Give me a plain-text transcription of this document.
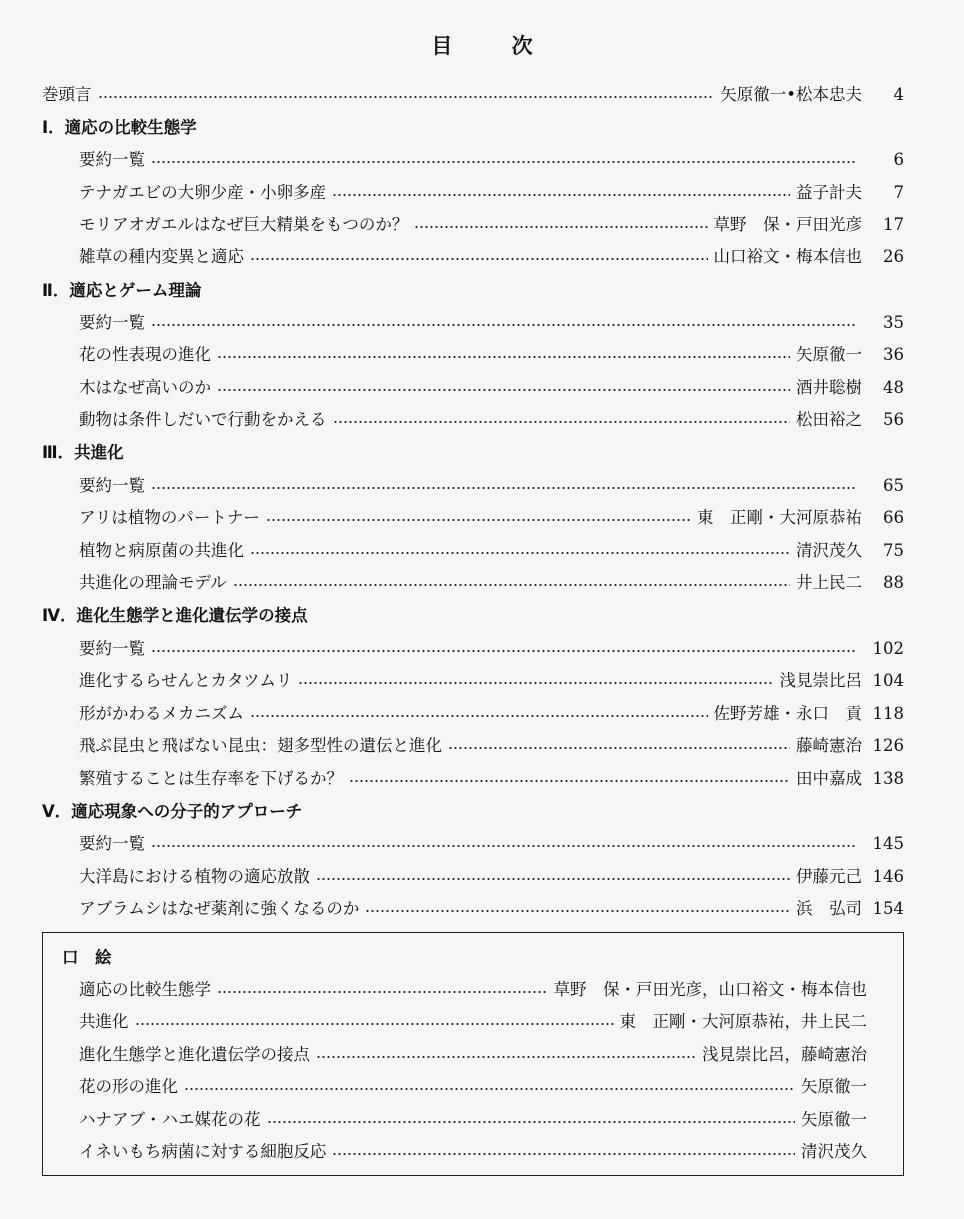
目 次
巻頭言	矢原徹一•松本忠夫	4
Ⅰ．適応の比較生態学
要約一覧	6
テナガエビの大卵少産・小卵多産	益子計夫	7
モリアオガエルはなぜ巨大精巣をもつのか？	草野　保・戸田光彦	17
雑草の種内変異と適応	山口裕文・梅本信也	26
Ⅱ．適応とゲーム理論
要約一覧	35
花の性表現の進化	矢原徹一	36
木はなぜ高いのか	酒井聡樹	48
動物は条件しだいで行動をかえる	松田裕之	56
Ⅲ．共進化
要約一覧	65
アリは植物のパートナー	東　正剛・大河原恭祐	66
植物と病原菌の共進化	清沢茂久	75
共進化の理論モデル	井上民二	88
Ⅳ．進化生態学と進化遺伝学の接点
要約一覧	102
進化するらせんとカタツムリ	浅見崇比呂 104
形がかわるメカニズム	佐野芳雄・永口　貢 118
飛ぶ昆虫と飛ばない昆虫：翅多型性の遺伝と進化	藤崎憲治 126
繁殖することは生存率を下げるか？	田中嘉成 138
Ⅴ．適応現象への分子的アプローチ
要約一覧	145
大洋島における植物の適応放散	伊藤元己 146
アブラムシはなぜ薬剤に強くなるのか	浜　弘司 154
口　絵
適応の比較生態学	草野　保・戸田光彦，山口裕文・梅本信也
共進化	東　正剛・大河原恭祐，井上民二
進化生態学と進化遺伝学の接点	浅見崇比呂，藤崎憲治
花の形の進化	矢原徹一
ハナアブ・ハエ媒花の花	矢原徹一
イネいもち病菌に対する細胞反応	清沢茂久
